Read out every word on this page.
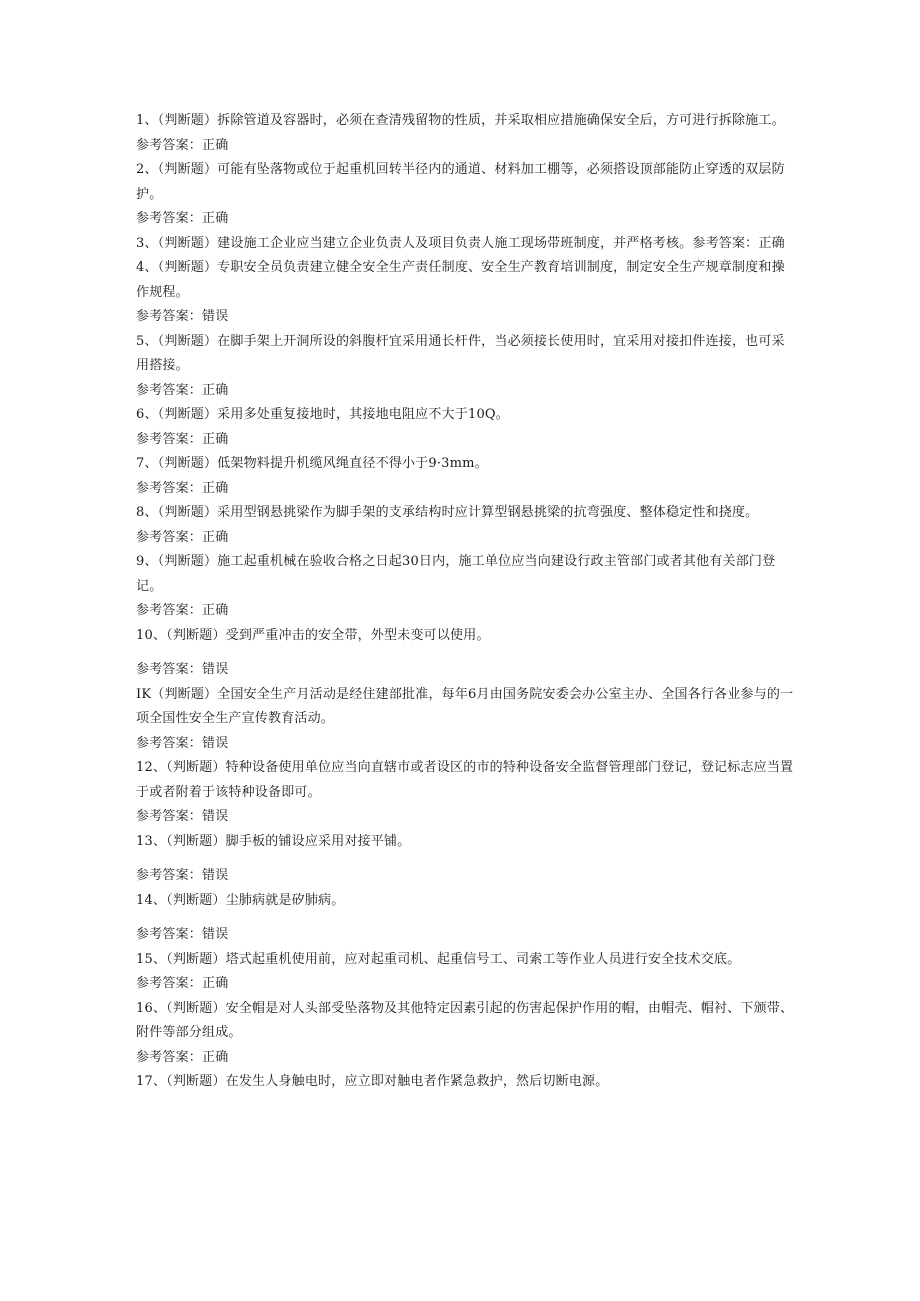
1、（判断题）拆除管道及容器时，必须在查清残留物的性质，并采取相应措施确保安全后，方可进行拆除施工。

参考答案：正确

2、（判断题）可能有坠落物或位于起重机回转半径内的通道、材料加工棚等，必须搭设顶部能防止穿透的双层防护。

参考答案：正确

3、（判断题）建设施工企业应当建立企业负责人及项目负责人施工现场带班制度，并严格考核。参考答案：正确

4、（判断题）专职安全员负责建立健全安全生产责任制度、安全生产教育培训制度，制定安全生产规章制度和操作规程。

参考答案：错误

5、（判断题）在脚手架上开洞所设的斜腹杆宜采用通长杆件，当必须接长使用时，宜采用对接扣件连接，也可采用搭接。

参考答案：正确

6、（判断题）采用多处重复接地时，其接地电阻应不大于10Q。

参考答案：正确

7、（判断题）低架物料提升机缆风绳直径不得小于9·3mm。

参考答案：正确

8、（判断题）采用型钢悬挑梁作为脚手架的支承结构时应计算型钢悬挑梁的抗弯强度、整体稳定性和挠度。

参考答案：正确

9、（判断题）施工起重机械在验收合格之日起30日内，施工单位应当向建设行政主管部门或者其他有关部门登记。

参考答案：正确

10、（判断题）受到严重冲击的安全带，外型未变可以使用。

参考答案：错误

IK（判断题）全国安全生产月活动是经住建部批准，每年6月由国务院安委会办公室主办、全国各行各业参与的一项全国性安全生产宣传教育活动。

参考答案：错误

12、（判断题）特种设备使用单位应当向直辖市或者设区的市的特种设备安全监督管理部门登记，登记标志应当置于或者附着于该特种设备即可。

参考答案：错误

13、（判断题）脚手板的铺设应采用对接平铺。

参考答案：错误

14、（判断题）尘肺病就是矽肺病。

参考答案：错误

15、（判断题）塔式起重机使用前，应对起重司机、起重信号工、司索工等作业人员进行安全技术交底。

参考答案：正确

16、（判断题）安全帽是对人头部受坠落物及其他特定因素引起的伤害起保护作用的帽，由帽壳、帽衬、下颁带、附件等部分组成。

参考答案：正确

17、（判断题）在发生人身触电时，应立即对触电者作紧急救护，然后切断电源。
